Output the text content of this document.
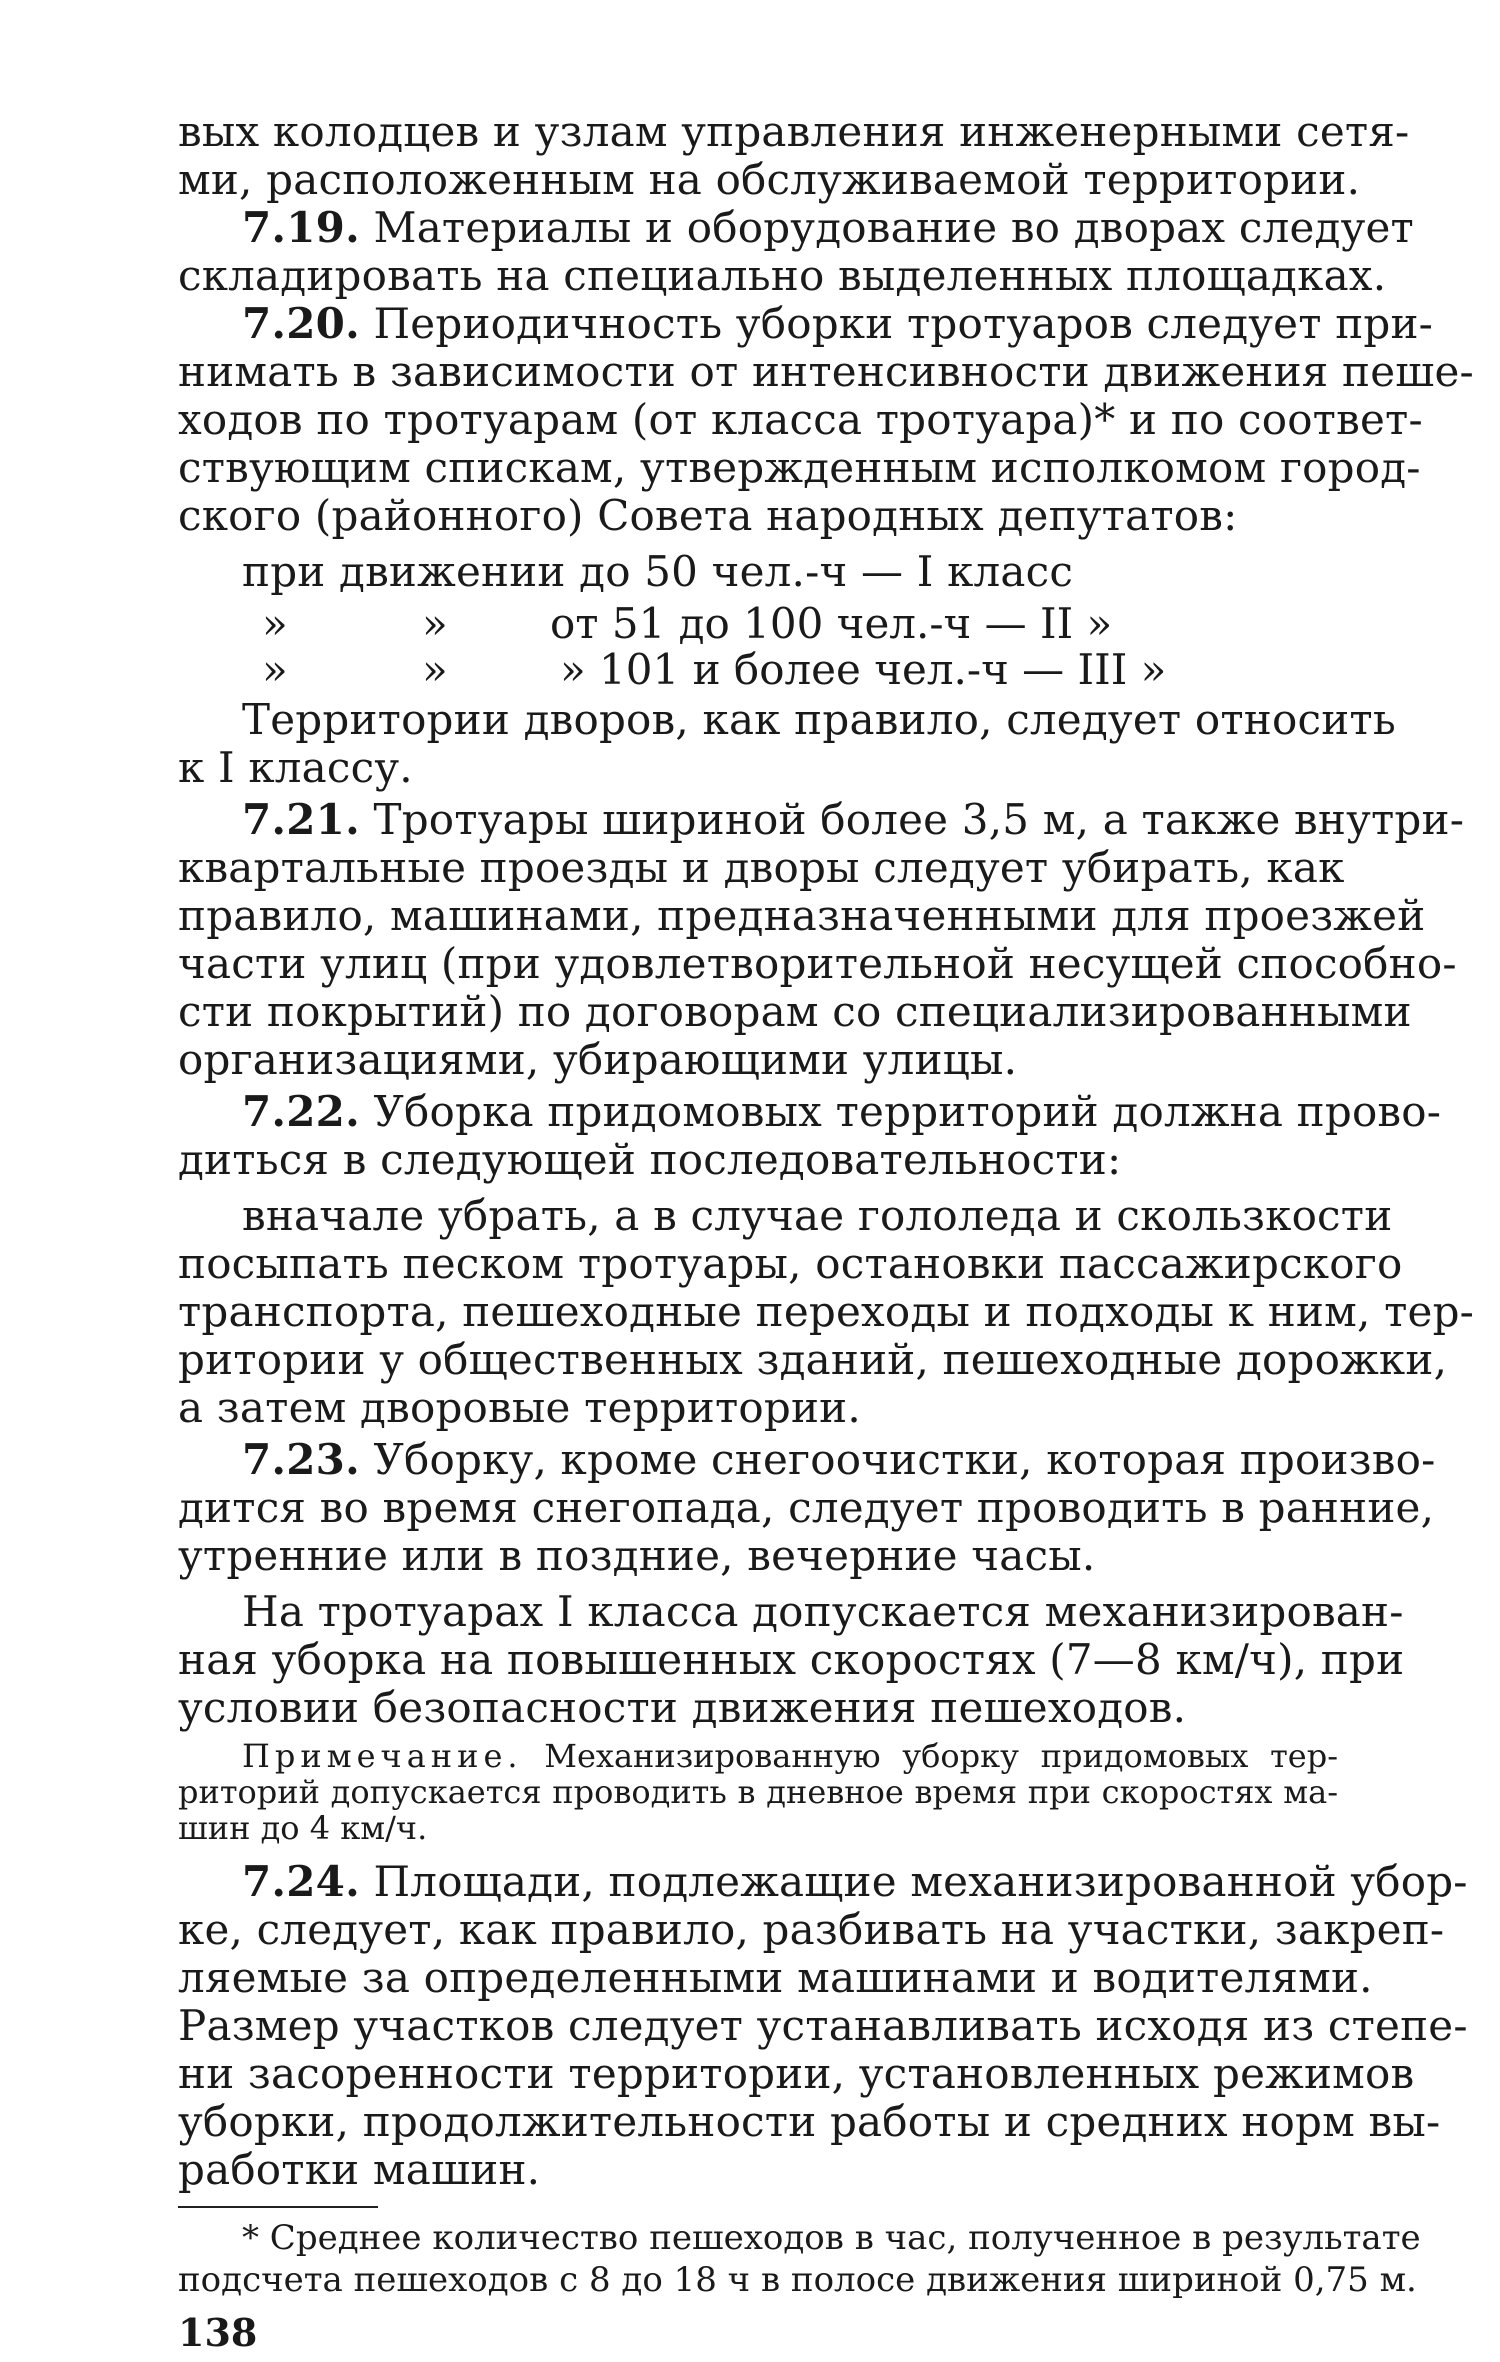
вых колодцев и узлам управления инженерными сетя-

ми, расположенным на обслуживаемой территории.

7.19. Материалы и оборудование во дворах следует

складировать на специально выделенных площадках.

7.20. Периодичность уборки тротуаров следует при-

нимать в зависимости от интенсивности движения пеше-

ходов по тротуарам (от класса тротуара)* и по соответ-

ствующим спискам, утвержденным исполкомом город-

ского (районного) Совета народных депутатов:

при движении до 50 чел.-ч — I класс

»	» от 51 до 100 чел.-ч — II »
»	»	» 101 и более чел.-ч — III »

Территории дворов, как правило, следует относить

к I классу.

7.21. Тротуары шириной более 3,5 м, а также внутри-

квартальные проезды и дворы следует убирать, как

правило, машинами, предназначенными для проезжей

части улиц (при удовлетворительной несущей способно-

сти покрытий) по договорам со специализированными

организациями, убирающими улицы.

7.22. Уборка придомовых территорий должна прово-

диться в следующей последовательности:

вначале убрать, а в случае гололеда и скользкости

посыпать песком тротуары, остановки пассажирского

транспорта, пешеходные переходы и подходы к ним, тер-

ритории у общественных зданий, пешеходные дорожки,

а затем дворовые территории.

7.23. Уборку, кроме снегоочистки, которая произво-

дится во время снегопада, следует проводить в ранние,

утренние или в поздние, вечерние часы.

На тротуарах I класса допускается механизирован-

ная уборка на повышенных скоростях (7—8 км/ч), при

условии безопасности движения пешеходов.

Примечание. Механизированную уборку придомовых тер-

риторий допускается проводить в дневное время при скоростях ма-

шин до 4 км/ч.

7.24. Площади, подлежащие механизированной убор-

ке, следует, как правило, разбивать на участки, закреп-

ляемые за определенными машинами и водителями.

Размер участков следует устанавливать исходя из степе-

ни засоренности территории, установленных режимов

уборки, продолжительности работы и средних норм вы-

работки машин.

* Среднее количество пешеходов в час, полученное в результате

подсчета пешеходов с 8 до 18 ч в полосе движения шириной 0,75 м.

138
